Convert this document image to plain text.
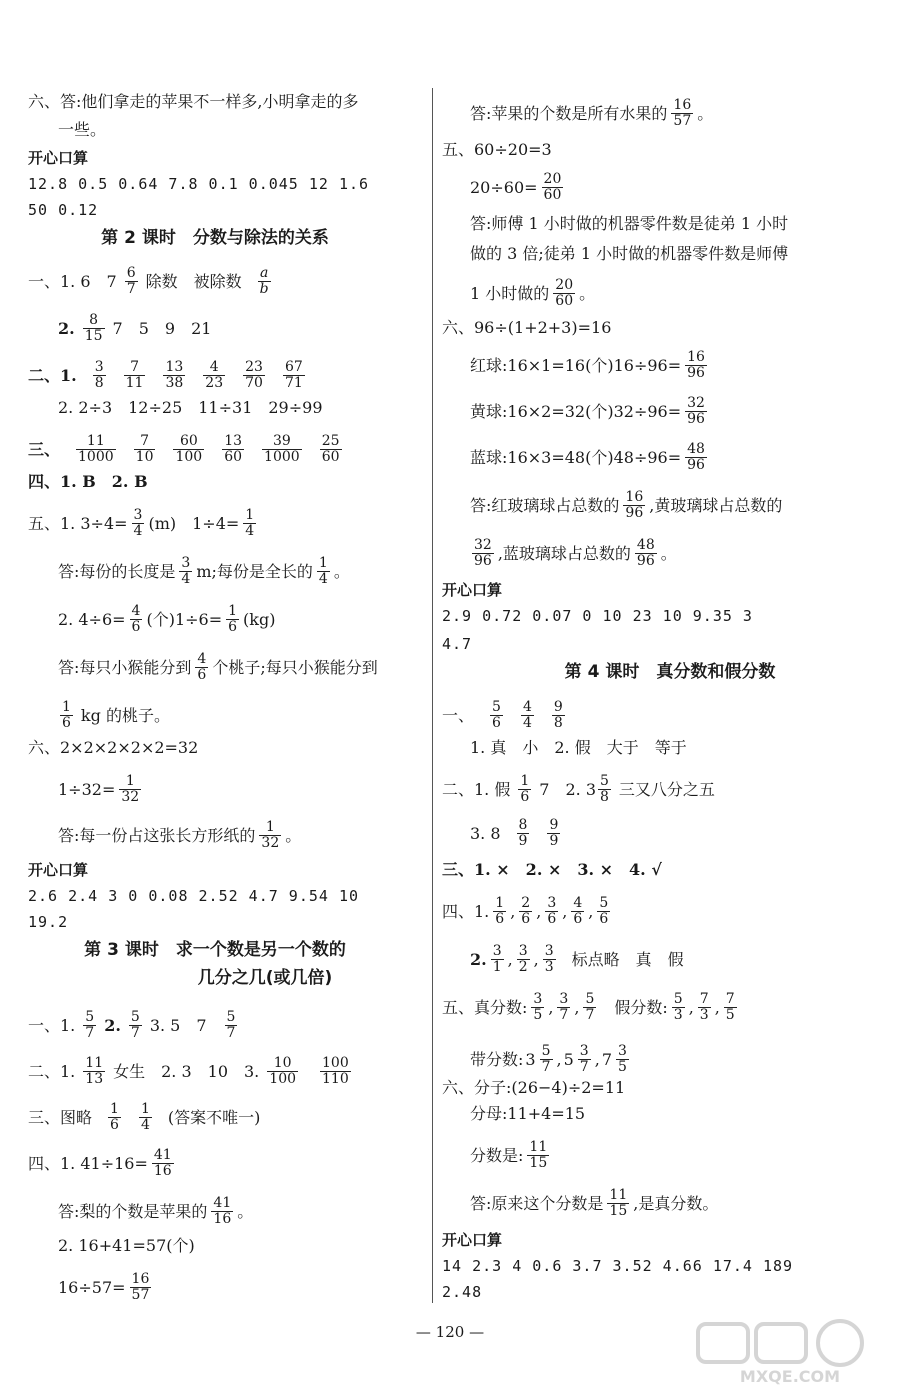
六、答:他们拿走的苹果不一样多,小明拿走的多
一些。
开心口算
12.8 0.5 0.64 7.8 0.1 0.045 12 1.6
50 0.12
第 2 课时　分数与除法的关系
一、1. 6　7 6
7 除数　被除数 a
b
2. 8
15 7　5　9　21
二、1. 3
8
7
11
13
38
4
23
23
70
67
71
2. 2÷3　12÷25　11÷31　29÷99
三、 11
1000
7
10
60
100
13
60
39
1000
25
60
四、1. B　2. B
五、1. $3\div 4= \frac{3}{4} (m)$　$1\div 4= \frac{1}{4}$
答:每份的长度是 3
4 m;每份是全长的 1
4 。
2. $4\div 6= \frac{4}{6}$ (个)$1\div 6= \frac{1}{6} (kg)$
答:每只小猴能分到 4
6 个桃子;每只小猴能分到
1
6 kg 的桃子。
六、2×2×2×2×2=32
$1\div 32= \frac{1}{32}$
答:每一份占这张长方形纸的 1
32 。
开心口算
2.6 2.4 3 0 0.08 2.52 4.7 9.54 10
19.2
第 3 课时　求一个数是另一个数的
几分之几(或几倍)
一、1. 5
7 2. 5
7 3. 5　7 5
7
二、1. 11
13 女生　2. 3　10　3. 10
100
100
110
三、图略 1
6
1
4 (答案不唯一)
四、1. $41\div 16= \frac{41}{16}$
答:梨的个数是苹果的 41
16 。
2. 16+41=57(个)
$16\div 57= \frac{16}{57}$
答:苹果的个数是所有水果的 16
57 。
五、60÷20=3
$20\div 60= \frac{20}{60}$
答:师傅 1 小时做的机器零件数是徒弟 1 小时
做的 3 倍;徒弟 1 小时做的机器零件数是师傅
1 小时做的 20
60 。
六、96÷(1+2+3)=16
红球:16×1=16(个)$16\div 96= \frac{16}{96}$
黄球:16×2=32(个)$32\div 96= \frac{32}{96}$
蓝球:16×3=48(个)$48\div 96= \frac{48}{96}$
答:红玻璃球占总数的 16
96 ,黄玻璃球占总数的
32
96 ,蓝玻璃球占总数的 48
96 。
开心口算
2.9 0.72 0.07 0 10 23 10 9.35 3
4.7
第 4 课时　真分数和假分数
一、 5
6
4
4
9
8
1. 真　小　2. 假　大于　等于
二、1. 假 1
6 7　2. 3 5
8 三又八分之五
3. 8 8
9
9
9
三、1. ×　2. ×　3. ×　4. √
四、1. 1
6 , 2
6 , 3
6 , 4
6 , 5
6
2. 3
1 , 3
2 , 3
3 标点略　真　假
五、真分数: 3
5 , 3
7 , 5
7 假分数: 5
3 , 7
3 , 7
5
带分数: 3 5
7 , 5 3
7 , 7 3
5
六、分子:(26−4)÷2=11
分母:11+4=15
分数是: 11
15
答:原来这个分数是 11
15 ,是真分数。
开心口算
14 2.3 4 0.6 3.7 3.52 4.66 17.4 189
2.48
— 120 —
MXQE.COM
